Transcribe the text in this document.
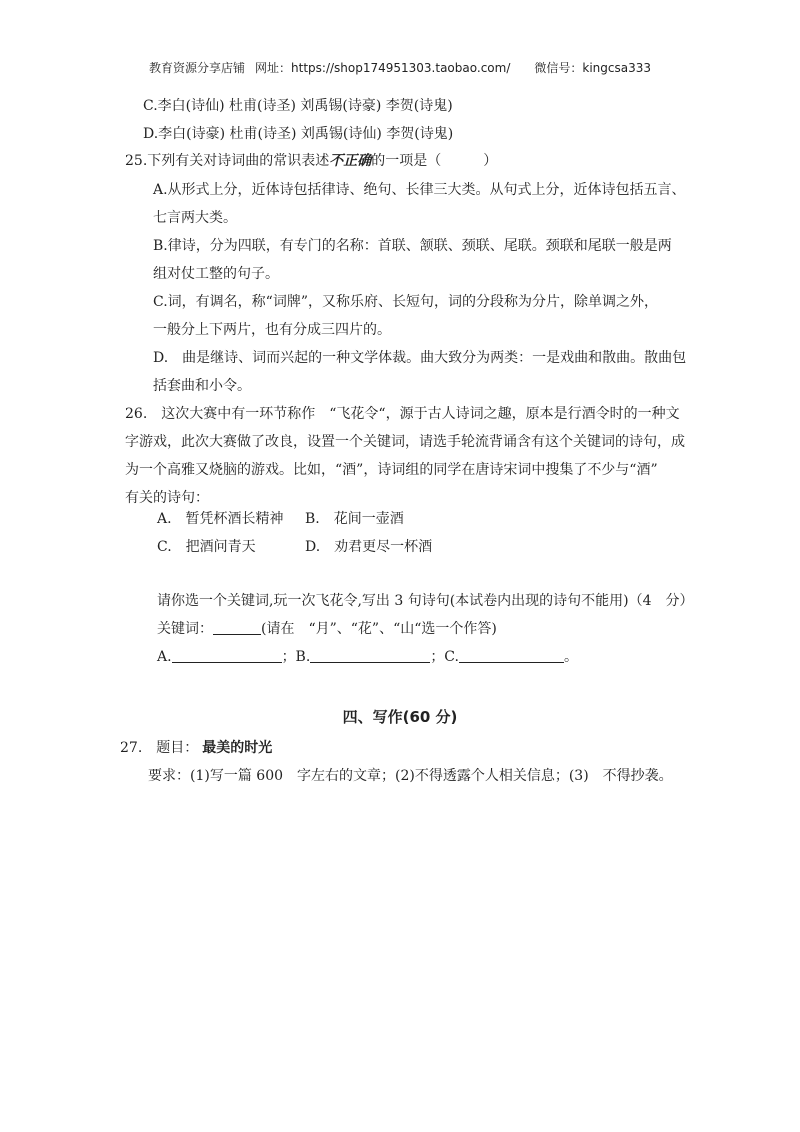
教育资源分享店铺 网址：https://shop174951303.taobao.com/ 微信号：kingcsa333
C.李白(诗仙) 杜甫(诗圣) 刘禹锡(诗豪) 李贺(诗鬼)
D.李白(诗豪) 杜甫(诗圣) 刘禹锡(诗仙) 李贺(诗鬼)
25.下列有关对诗词曲的常识表述不正确的一项是（　　　）
A.从形式上分，近体诗包括律诗、绝句、长律三大类。从句式上分，近体诗包括五言、
七言两大类。
B.律诗，分为四联，有专门的名称：首联、颔联、颈联、尾联。颈联和尾联一般是两
组对仗工整的句子。
C.词，有调名，称“词牌”，又称乐府、长短句，词的分段称为分片，除单调之外，
一般分上下两片，也有分成三四片的。
D.　曲是继诗、词而兴起的一种文学体裁。曲大致分为两类：一是戏曲和散曲。散曲包
括套曲和小令。
26.　这次大赛中有一环节称作　“飞花令“，源于古人诗词之趣，原本是行酒令时的一种文
字游戏，此次大赛做了改良，设置一个关键词，请选手轮流背诵含有这个关键词的诗句，成
为一个高雅又烧脑的游戏。比如，“酒”，诗词组的同学在唐诗宋词中搜集了不少与“酒”
有关的诗句：
A.　暂凭杯酒长精神 B.　花间一壶酒
C.　把酒问青天	D.　劝君更尽一杯酒
请你选一个关键词,玩一次飞花令,写出 3 句诗句(本试卷内出现的诗句不能用)（4　分）
关键词：	(请在　“月”、“花”、“山“选一个作答)
A.	；B.	；C.	。
四、写作(60 分)
27.　题目： 最美的时光
要求：(1)写一篇 600　字左右的文章；(2)不得透露个人相关信息；(3)　不得抄袭。
